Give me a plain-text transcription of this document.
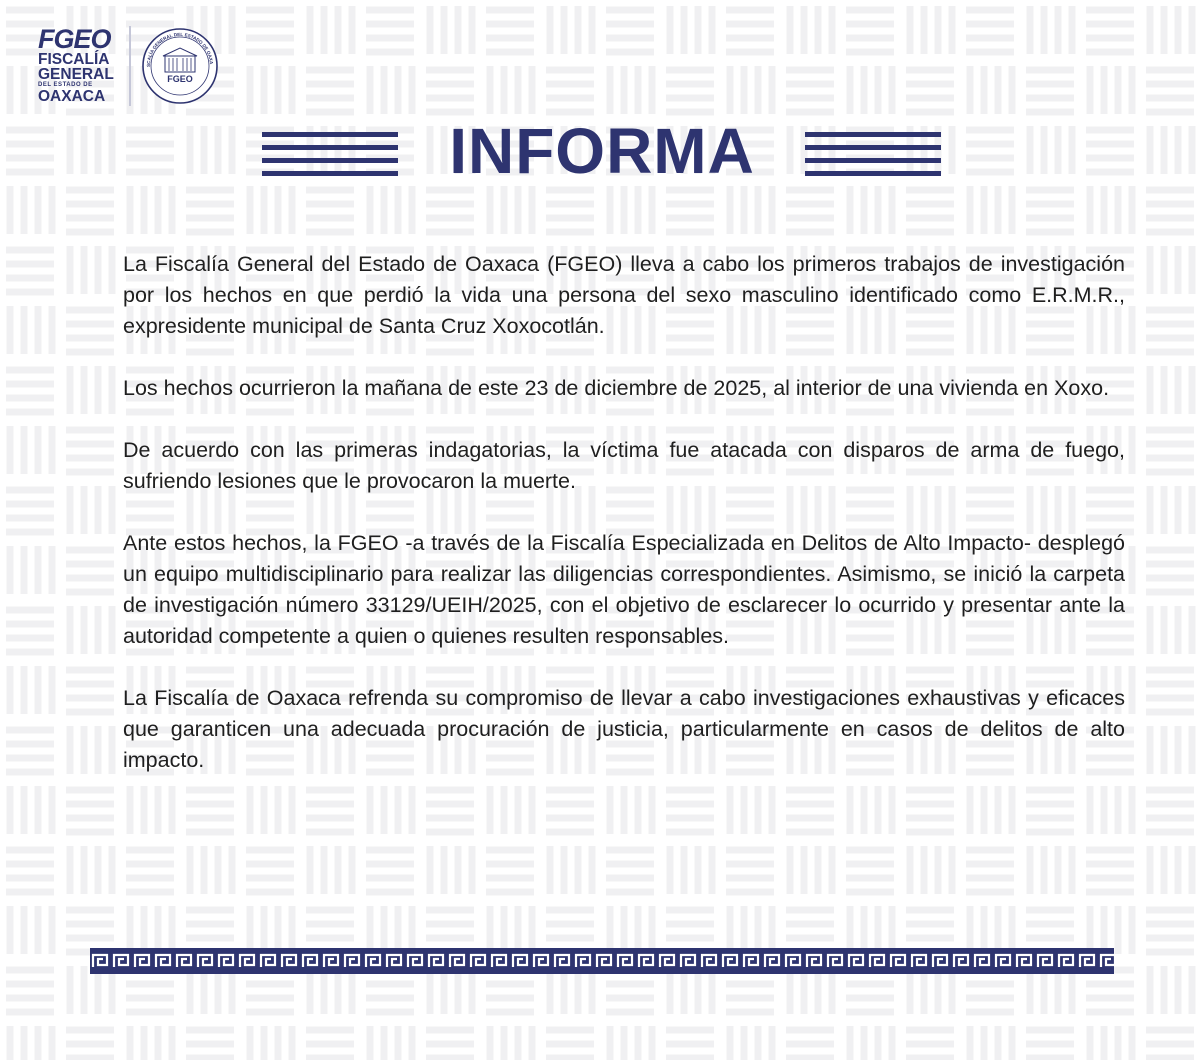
FGEO
FISCALÍA
GENERAL
DEL ESTADO DE
OAXACA
FGEO
SCALÍA GENERAL DEL ESTADO DE OAXA
INFORMA

La Fiscalía General del Estado de Oaxaca (FGEO) lleva a cabo los primeros trabajos de investigación por los hechos en que perdió la vida una persona del sexo masculino identificado como E.R.M.R., expresidente municipal de Santa Cruz Xoxocotlán.

Los hechos ocurrieron la mañana de este 23 de diciembre de 2025, al interior de una vivienda en Xoxo.

De acuerdo con las primeras indagatorias, la víctima fue atacada con disparos de arma de fuego, sufriendo lesiones que le provocaron la muerte.

Ante estos hechos, la FGEO -a través de la Fiscalía Especializada en Delitos de Alto Impacto- desplegó un equipo multidisciplinario para realizar las diligencias correspondientes. Asimismo, se inició la carpeta de investigación número 33129/UEIH/2025, con el objetivo de esclarecer lo ocurrido y presentar ante la autoridad competente a quien o quienes resulten responsables.

La Fiscalía de Oaxaca refrenda su compromiso de llevar a cabo investigaciones exhaustivas y eficaces que garanticen una adecuada procuración de justicia, particularmente en casos de delitos de alto impacto.
